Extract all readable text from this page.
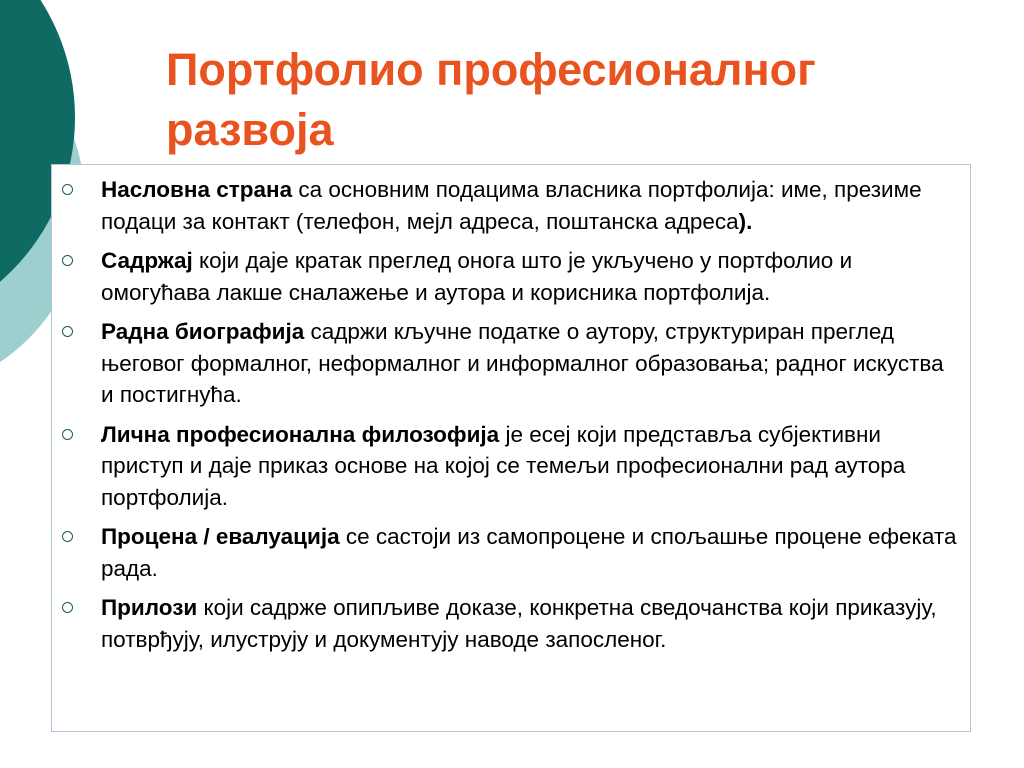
Портфолио професионалног развоја
Насловна страна са основним подацима власника портфолија: име, презиме подаци за контакт (телефон, мејл адреса, поштанска адреса).
Садржај који даје кратак преглед онога што је укључено у портфолио и омогућава лакше сналажење и аутора и корисника портфолија.
Радна биографија садржи кључне податке о аутору, структуриран преглед његовог формалног, неформалног и информалног образовања; радног искуства и постигнућа.
Лична професионална филозофија је есеј који представља субјективни приступ и даје приказ основе на којој се темељи професионални рад аутора портфолија.
Процена / евалуација се састоји из самопроцене и спољашње процене ефеката рада.
Прилози који садрже опипљиве доказе, конкретна сведочанства који приказују, потврђују, илуструју и документују наводе запосленог.
